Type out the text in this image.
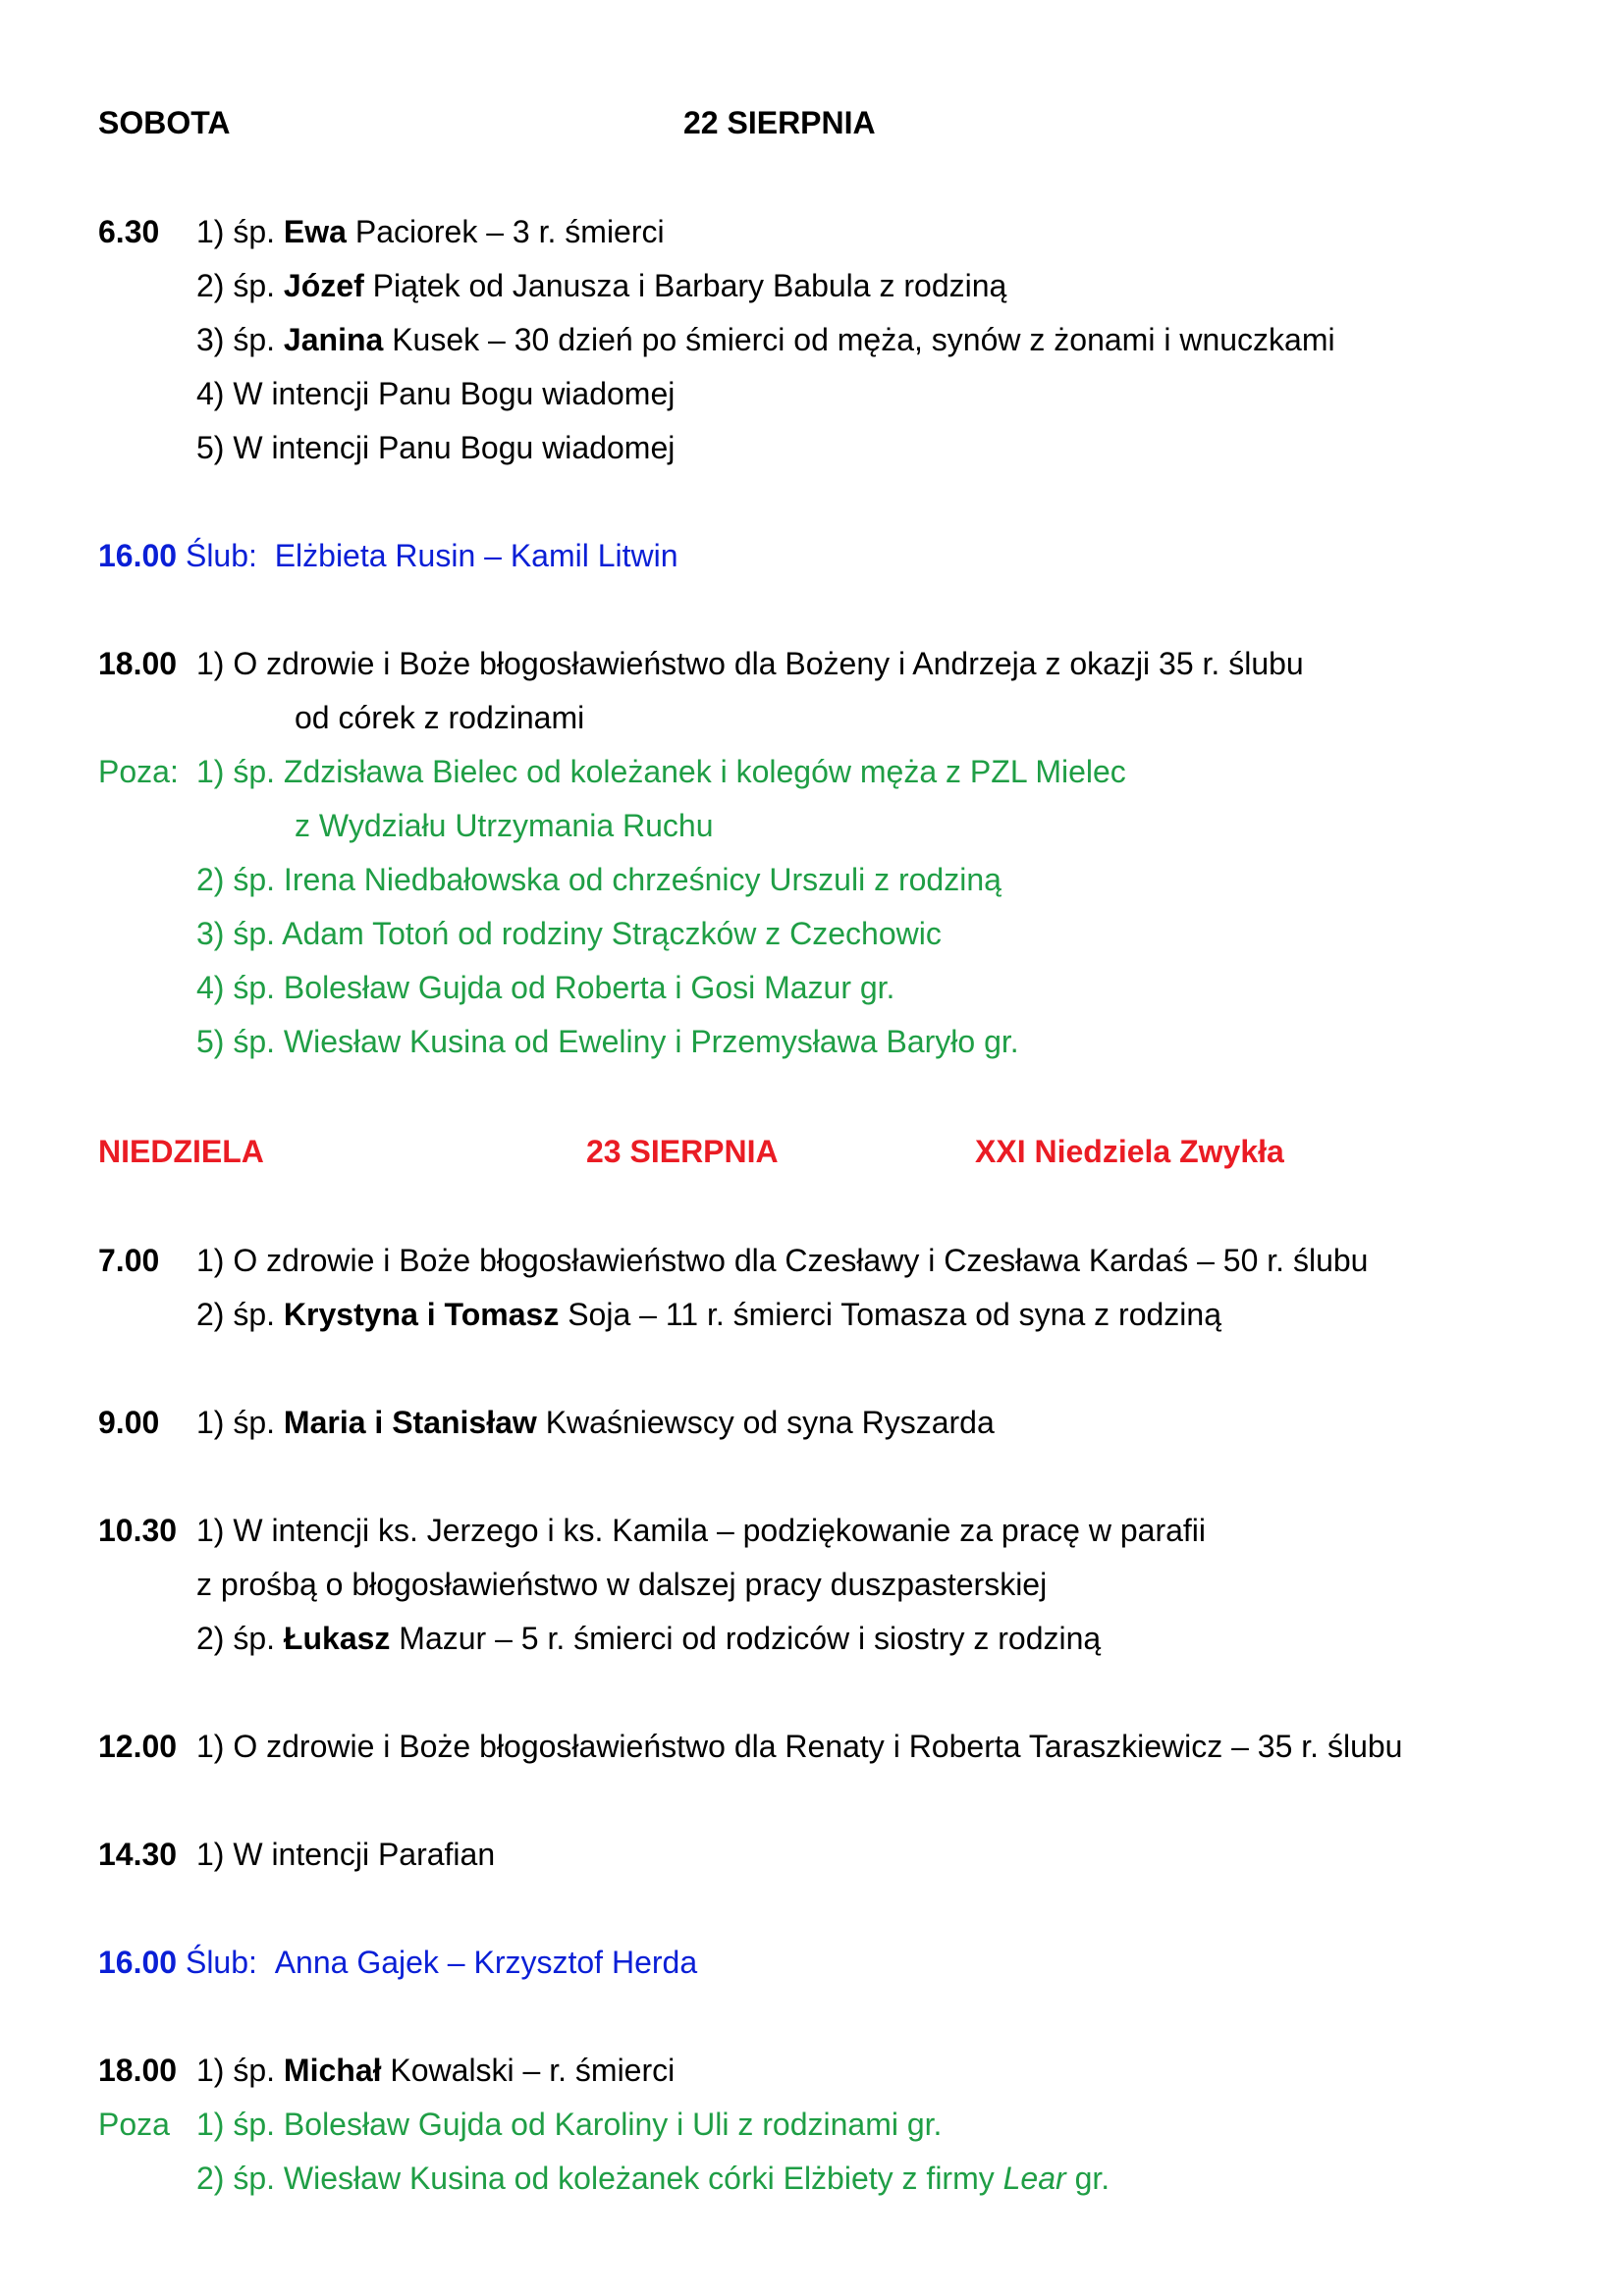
SOBOTA	22 SIERPNIA
6.30 1) śp. Ewa Paciorek – 3 r. śmierci
2) śp. Józef Piątek od Janusza i Barbary Babula z rodziną
3) śp. Janina Kusek – 30 dzień po śmierci od męża, synów z żonami i wnuczkami
4) W intencji Panu Bogu wiadomej
5) W intencji Panu Bogu wiadomej
16.00 Ślub: Elżbieta Rusin – Kamil Litwin
18.00 1) O zdrowie i Boże błogosławieństwo dla Bożeny i Andrzeja z okazji 35 r. ślubu
od córek z rodzinami
Poza: 1) śp. Zdzisława Bielec od koleżanek i kolegów męża z PZL Mielec
z Wydziału Utrzymania Ruchu
2) śp. Irena Niedbałowska od chrześnicy Urszuli z rodziną
3) śp. Adam Totoń od rodziny Strączków z Czechowic
4) śp. Bolesław Gujda od Roberta i Gosi Mazur gr.
5) śp. Wiesław Kusina od Eweliny i Przemysława Baryło gr.
NIEDZIELA	23 SIERPNIA	XXI Niedziela Zwykła
7.00 1) O zdrowie i Boże błogosławieństwo dla Czesławy i Czesława Kardaś – 50 r. ślubu
2) śp. Krystyna i Tomasz Soja – 11 r. śmierci Tomasza od syna z rodziną
9.00 1) śp. Maria i Stanisław Kwaśniewscy od syna Ryszarda
10.30 1) W intencji ks. Jerzego i ks. Kamila – podziękowanie za pracę w parafii
z prośbą o błogosławieństwo w dalszej pracy duszpasterskiej
2) śp. Łukasz Mazur – 5 r. śmierci od rodziców i siostry z rodziną
12.00 1) O zdrowie i Boże błogosławieństwo dla Renaty i Roberta Taraszkiewicz – 35 r. ślubu
14.30 1) W intencji Parafian
16.00 Ślub: Anna Gajek – Krzysztof Herda
18.00 1) śp. Michał Kowalski – r. śmierci
Poza 1) śp. Bolesław Gujda od Karoliny i Uli z rodzinami gr.
2) śp. Wiesław Kusina od koleżanek córki Elżbiety z firmy Lear gr.
